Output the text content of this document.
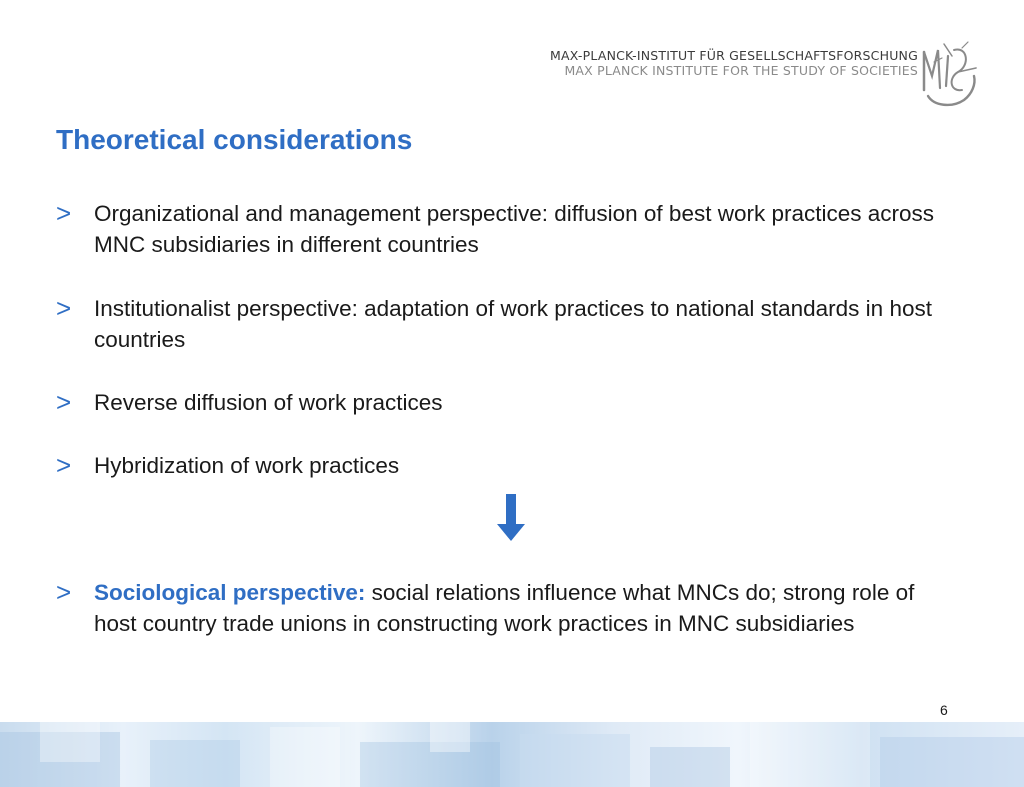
MAX-PLANCK-INSTITUT FÜR GESELLSCHAFTSFORSCHUNG
MAX PLANCK INSTITUTE FOR THE STUDY OF SOCIETIES
Theoretical considerations
> Organizational and management perspective: diffusion of best work practices across MNC subsidiaries in different countries
> Institutionalist perspective: adaptation of work practices to national standards in host countries
> Reverse diffusion of work practices
> Hybridization of work practices
> Sociological perspective: social relations influence what MNCs do; strong role of host country trade unions in constructing work practices in MNC subsidiaries
6
